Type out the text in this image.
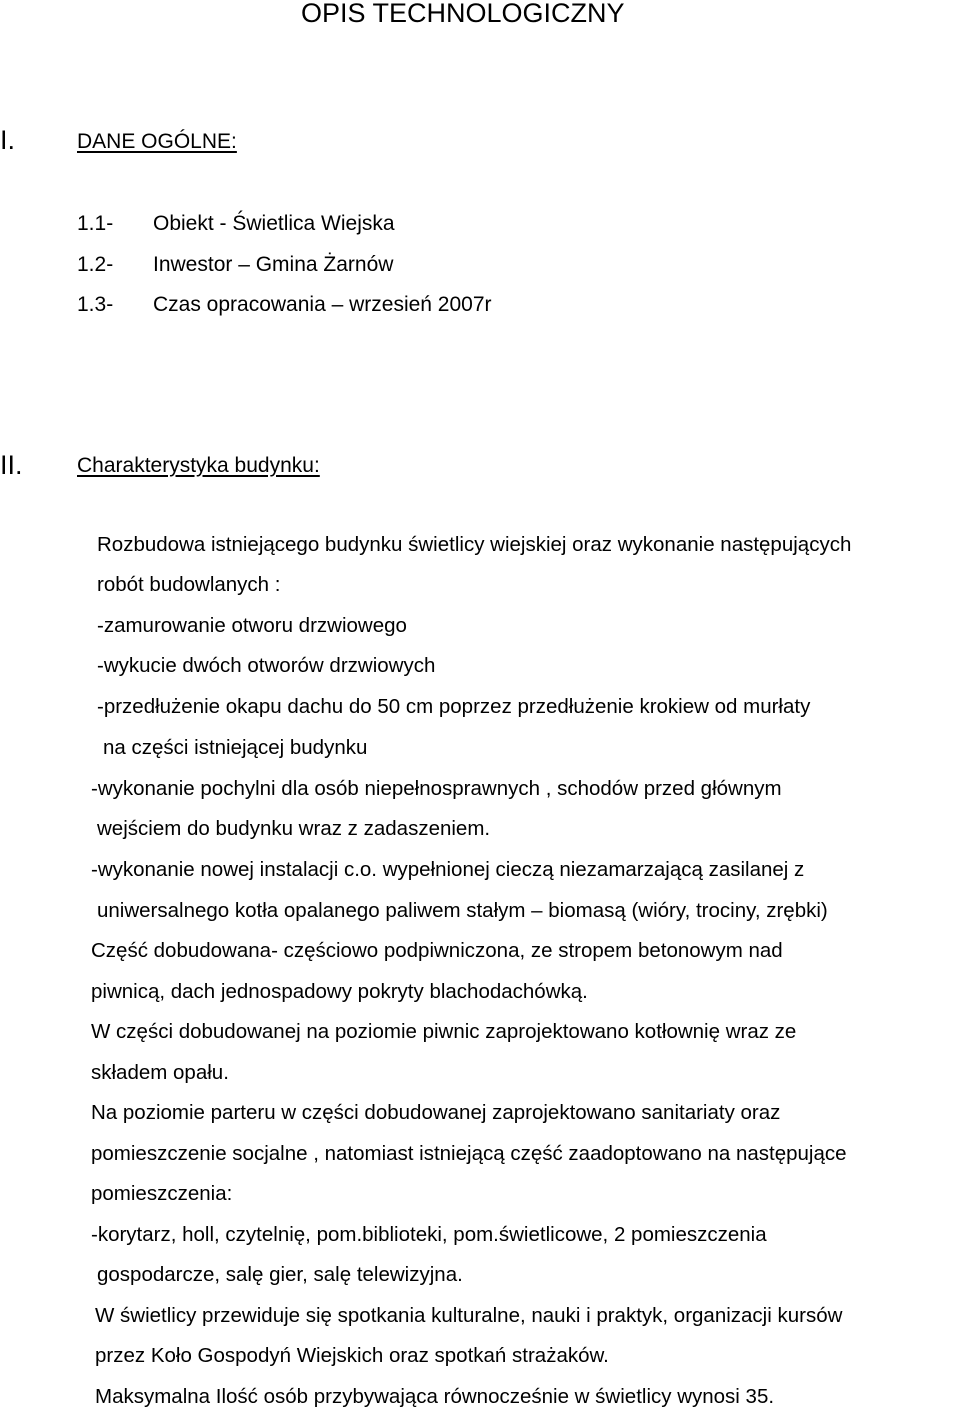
OPIS TECHNOLOGICZNY
I.	DANE OGÓLNE:
1.1- Obiekt - Świetlica Wiejska
1.2- Inwestor – Gmina Żarnów
1.3- Czas opracowania – wrzesień 2007r
II.	Charakterystyka budynku:
Rozbudowa istniejącego budynku świetlicy wiejskiej oraz wykonanie następujących
robót budowlanych :
-zamurowanie otworu drzwiowego
-wykucie dwóch otworów drzwiowych
-przedłużenie okapu dachu do 50 cm poprzez przedłużenie krokiew od murłaty
na części istniejącej budynku
-wykonanie pochylni dla osób niepełnosprawnych , schodów przed głównym
wejściem do budynku wraz z zadaszeniem.
-wykonanie nowej instalacji c.o. wypełnionej cieczą niezamarzającą zasilanej z
uniwersalnego kotła opalanego paliwem stałym – biomasą (wióry, trociny, zrębki)
Część dobudowana- częściowo podpiwniczona, ze stropem betonowym nad
piwnicą, dach jednospadowy pokryty blachodachówką.
W części dobudowanej na poziomie piwnic zaprojektowano kotłownię wraz ze
składem opału.
Na poziomie parteru w części dobudowanej zaprojektowano sanitariaty oraz
pomieszczenie socjalne , natomiast istniejącą część zaadoptowano na następujące
pomieszczenia:
-korytarz, holl, czytelnię, pom.biblioteki, pom.świetlicowe, 2 pomieszczenia
gospodarcze, salę gier, salę telewizyjna.
W świetlicy przewiduje się spotkania kulturalne, nauki i praktyk, organizacji kursów
przez Koło Gospodyń Wiejskich oraz spotkań strażaków.
Maksymalna Ilość osób przybywająca równocześnie w świetlicy wynosi 35.
